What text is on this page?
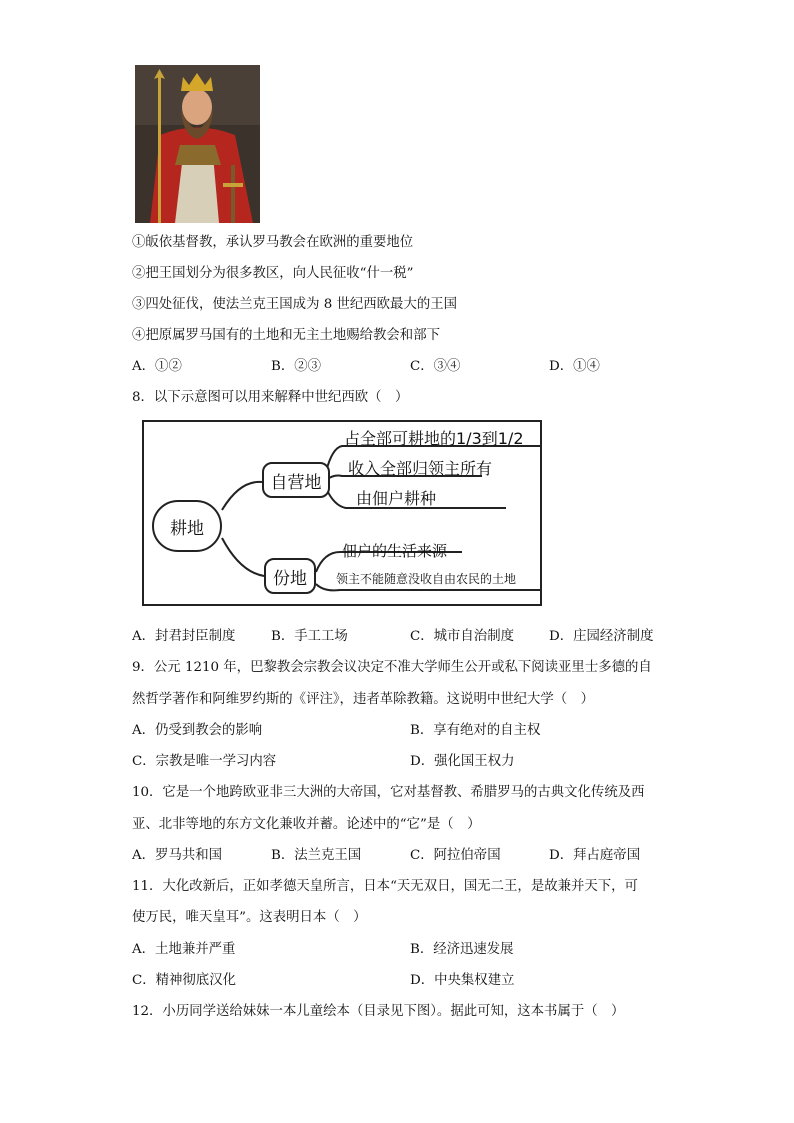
①皈依基督教，承认罗马教会在欧洲的重要地位
②把王国划分为很多教区，向人民征收“什一税”
③四处征伐，使法兰克王国成为 8 世纪西欧最大的王国
④把原属罗马国有的土地和无主土地赐给教会和部下
A．①②	B．②③	C．③④	D．①④
8．以下示意图可以用来解释中世纪西欧（　）
耕地
自营地
份地
占全部可耕地的1/3到1/2
收入全部归领主所有
由佃户耕种
佃户的生活来源
领主不能随意没收自由农民的土地
A．封君封臣制度	B．手工工场	C．城市自治制度	D．庄园经济制度
9．公元 1210 年，巴黎教会宗教会议决定不准大学师生公开或私下阅读亚里士多德的自
然哲学著作和阿维罗约斯的《评注》，违者革除教籍。这说明中世纪大学（　）
A．仍受到教会的影响	B．享有绝对的自主权
C．宗教是唯一学习内容	D．强化国王权力
10．它是一个地跨欧亚非三大洲的大帝国，它对基督教、希腊罗马的古典文化传统及西
亚、北非等地的东方文化兼收并蓄。论述中的“它”是（　）
A．罗马共和国	B．法兰克王国	C．阿拉伯帝国	D．拜占庭帝国
11．大化改新后，正如孝德天皇所言，日本“天无双日，国无二王，是故兼并天下，可
使万民，唯天皇耳”。这表明日本（　）
A．土地兼并严重	B．经济迅速发展
C．精神彻底汉化	D．中央集权建立
12．小历同学送给妹妹一本儿童绘本（目录见下图）。据此可知，这本书属于（　）
